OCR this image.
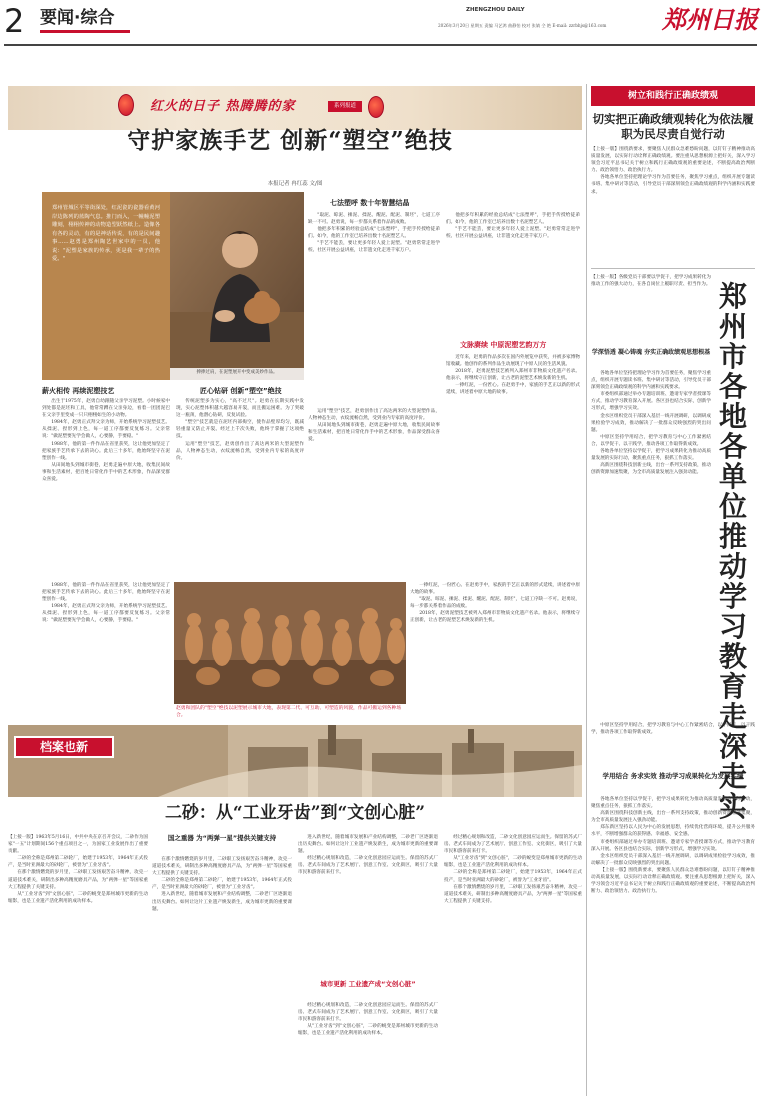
2 要闻·综合	ZHENGZHOU DAILY
2026年3月20日 星期五 责编 马艺鸿 曲静怡 校对 张婧 仝 艳 E-mail: zzrbhjs@163.com 郑州日报
红火的日子 热腾腾的家	系列报道
守护家族手艺 创新“塑空”绝技
本报记者 冉红蕊 文/图
郑州管城区平等街深处，红泥瓷的瓷器看黄河岸边陈列的蓝陶气息。推门而入，一幢幢泥塑雕刻，栩栩传神的动物造型跃然纸上。造像各有各的灵动，有的是神话传说，有的是民间趣事……赵勇是郑州陶艺世家中的一员，他说："泥塑是家族的传承，更是我一辈子的热爱。"
捧捧过肩，在泥塑展开中变成美妙作品。
薪火相传 再续泥塑技艺

出生于1975年，赵勇自幼跟随父亲学习泥塑。小时候家中到处都是泥坯和工具，他常常蹲在父亲身边，看着一团团泥巴在父亲手里变成一只只栩栩如生的小动物。

1984年，赵勇正式拜父亲为师，开始系统学习泥塑技艺。从揉泥、捏形到上色，每一道工序都要反复练习。父亲常说："做泥塑要先学会做人，心要静，手要稳。"

1988年，他的第一件作品在省里获奖，这让他更加坚定了把家族手艺传承下去的决心。此后三十多年，他始终坚守在泥塑创作一线。

从田间地头到城市街巷，赵勇走遍中原大地，收集民间故事和生活素材，把百姓日常化作手中的艺术形象，作品深受群众喜爱。

匠心钻研 创新“塑空”绝技

传统泥塑多为实心，"高不过尺"。赵勇在长期实践中发现，实心泥塑体积越大越容易开裂，而且搬运困难。为了突破这一瓶颈，他潜心钻研，反复试验。

"塑空"技艺就是在泥坯内部掏空，使作品壁厚均匀，既减轻重量又防止开裂。经过上千次失败，他终于掌握了这项绝技。

运用"塑空"技艺，赵勇创作出了高达两米的大型泥塑作品，人物神态生动，衣纹流畅自然，受到业内专家的高度评价。

七法塑呼 数十年智慧结晶

"取泥、晾泥、捶泥、揉泥、醒泥、配泥、制坯"，七道工序缺一不可。赵勇说，每一步都关系着作品的成败。

他把多年积累的经验总结成"七法塑呼"，手把手传授给徒弟们。如今，他的工作室已培养出数十名泥塑艺人。

"手艺不能丢，要让更多年轻人爱上泥塑。"赵勇常常走进学校、社区开展公益讲座，让非遗文化走进千家万户。

运用"塑空"技艺，赵勇创作出了高达两米的大型泥塑作品，人物神态生动，衣纹流畅自然，受到业内专家的高度评价。

从田间地头到城市街巷，赵勇走遍中原大地，收集民间故事和生活素材，把百姓日常化作手中的艺术形象，作品深受群众喜爱。

文脉赓续 中原泥塑艺韵万方

他把多年积累的经验总结成"七法塑呼"，手把手传授给徒弟们。如今，他的工作室已培养出数十名泥塑艺人。

"手艺不能丢，要让更多年轻人爱上泥塑。"赵勇常常走进学校、社区开展公益讲座，让非遗文化走进千家万户。

近年来，赵勇的作品多次在国内外展览中获奖，并被多家博物馆收藏。他创作的系列作品生动展现了中原人民的生活风貌。

2018年，赵勇泥塑技艺被列入郑州市非物质文化遗产名录。他表示，将继续守正创新，让古老的泥塑艺术焕发新的生机。

一捧红泥，一份匠心。在赵勇手中，家族的手艺正以新的形式延续，讲述着中原大地的故事。

1988年，他的第一件作品在省里获奖，这让他更加坚定了把家族手艺传承下去的决心。此后三十多年，他始终坚守在泥塑创作一线。

1984年，赵勇正式拜父亲为师，开始系统学习泥塑技艺。从揉泥、捏形到上色，每一道工序都要反复练习。父亲常说："做泥塑要先学会做人，心要静，手要稳。"

赵勇和团队的"塑空"绝技以泥塑展示城市大地，表现第二代、可互助、可塑造的风貌，作品可搬运到各种场合。

一捧红泥，一份匠心。在赵勇手中，家族的手艺正以新的形式延续，讲述着中原大地的故事。

"取泥、晾泥、捶泥、揉泥、醒泥、配泥、制坯"，七道工序缺一不可。赵勇说，每一步都关系着作品的成败。

2018年，赵勇泥塑技艺被列入郑州市非物质文化遗产名录。他表示，将继续守正创新，让古老的泥塑艺术焕发新的生机。

档案也新
二砂：从“工业牙齿”到“文创心脏”

【上接一版】1963年5月16日，中共中央在京召开会议，二砂作为国家"一五"计划期间156个重点项目之一，为国家工业发展作出了重要贡献。

二砂的全称是郑州第二砂轮厂，始建于1953年，1964年正式投产，是当时亚洲最大的砂轮厂，被誉为"工业牙齿"。

在那个激情燃烧的岁月里，二砂职工发扬艰苦奋斗精神，攻克一道道技术难关，研制出多种高精度磨具产品，为"两弹一星"等国家重大工程提供了关键支持。

从"工业牙齿"到"文创心脏"，二砂的蜕变是郑州城市更新的生动缩影，也是工业遗产活化利用的成功样本。

国之重器 为“两弹一星”提供关键支持

在那个激情燃烧的岁月里，二砂职工发扬艰苦奋斗精神，攻克一道道技术难关，研制出多种高精度磨具产品，为"两弹一星"等国家重大工程提供了关键支持。

二砂的全称是郑州第二砂轮厂，始建于1953年，1964年正式投产，是当时亚洲最大的砂轮厂，被誉为"工业牙齿"。

进入新世纪，随着城市发展和产业结构调整，二砂老厂区逐渐退出历史舞台。如何让这片工业遗产焕发新生，成为城市更新的重要课题。

进入新世纪，随着城市发展和产业结构调整，二砂老厂区逐渐退出历史舞台。如何让这片工业遗产焕发新生，成为城市更新的重要课题。

经过精心规划和改造，二砂文化创意园应运而生。保留的苏式厂房、老式车间成为了艺术展厅、创意工作室、文化街区，吸引了大量市民和游客前来打卡。

城市更新 工业遗产成“文创心脏”

经过精心规划和改造，二砂文化创意园应运而生。保留的苏式厂房、老式车间成为了艺术展厅、创意工作室、文化街区，吸引了大量市民和游客前来打卡。

从"工业牙齿"到"文创心脏"，二砂的蜕变是郑州城市更新的生动缩影，也是工业遗产活化利用的成功样本。

经过精心规划和改造，二砂文化创意园应运而生。保留的苏式厂房、老式车间成为了艺术展厅、创意工作室、文化街区，吸引了大量市民和游客前来打卡。

从"工业牙齿"到"文创心脏"，二砂的蜕变是郑州城市更新的生动缩影，也是工业遗产活化利用的成功样本。

二砂的全称是郑州第二砂轮厂，始建于1953年，1964年正式投产，是当时亚洲最大的砂轮厂，被誉为"工业牙齿"。

在那个激情燃烧的岁月里，二砂职工发扬艰苦奋斗精神，攻克一道道技术难关，研制出多种高精度磨具产品，为"两弹一星"等国家重大工程提供了关键支持。

树立和践行正确政绩观
切实把正确政绩观转化为依法履职为民尽责自觉行动

【上接一版】围绕新要求，要聚焦人民群众急难愁盼问题，以钉钉子精神推动高质量发展，以实际行动诠释正确政绩观。要注重从思想根源上把好关，深入学习领会习近平总书记关于树立和践行正确政绩观的重要论述，不断提高政治判断力、政治领悟力、政治执行力。

各地各单位坚持把理论学习作为首要任务，聚焦学习重点，组织开展专题读书班、集中研讨等活动，引导党员干部深刻领会正确政绩观的科学内涵和实践要求。

【上接一版】各级党员干部要以学促干，把学习成果转化为推动工作的强大动力，在各自岗位上履职尽责、担当作为。 郑
州
市
各
地
各
单
位
推
动
学
习
教
育
走
深
走
实
学深悟透 凝心铸魂 夯实正确政绩观思想根基

各地各单位坚持把理论学习作为首要任务，聚焦学习重点，组织开展专题读书班、集中研讨等活动，引导党员干部深刻领会正确政绩观的科学内涵和实践要求。

市委组织部通过举办专题培训班、邀请专家学者授课等方式，推动学习教育深入开展。各区县也结合实际，创新学习形式，增强学习实效。

金水区组织党员干部深入基层一线开展调研，以调研成果检验学习成效，推动解决了一批群众反映强烈的突出问题。

中原区坚持学用结合，把学习教育与中心工作紧密结合，以学促干、以干践学，推动各项工作取得新成效。

各地各单位坚持以学促干，把学习成果转化为推动高质量发展的实际行动，聚焦重点任务，狠抓工作落实。

高新区围绕科技创新主线，出台一系列支持政策，推动创新资源加速集聚，为全市高质量发展注入强劲动能。

中原区坚持学用结合，把学习教育与中心工作紧密结合，以学促干、以干践学，推动各项工作取得新成效。

学用结合 务求实效 推动学习成果转化为发展实绩

各地各单位坚持以学促干，把学习成果转化为推动高质量发展的实际行动，聚焦重点任务，狠抓工作落实。

高新区围绕科技创新主线，出台一系列支持政策，推动创新资源加速集聚，为全市高质量发展注入强劲动能。

郑东新区坚持以人民为中心的发展思想，持续优化营商环境，提升公共服务水平，不断增强群众的获得感、幸福感、安全感。

市委组织部通过举办专题培训班、邀请专家学者授课等方式，推动学习教育深入开展。各区县也结合实际，创新学习形式，增强学习实效。

金水区组织党员干部深入基层一线开展调研，以调研成果检验学习成效，推动解决了一批群众反映强烈的突出问题。

【上接一版】围绕新要求，要聚焦人民群众急难愁盼问题，以钉钉子精神推动高质量发展，以实际行动诠释正确政绩观。要注重从思想根源上把好关，深入学习领会习近平总书记关于树立和践行正确政绩观的重要论述，不断提高政治判断力、政治领悟力、政治执行力。
